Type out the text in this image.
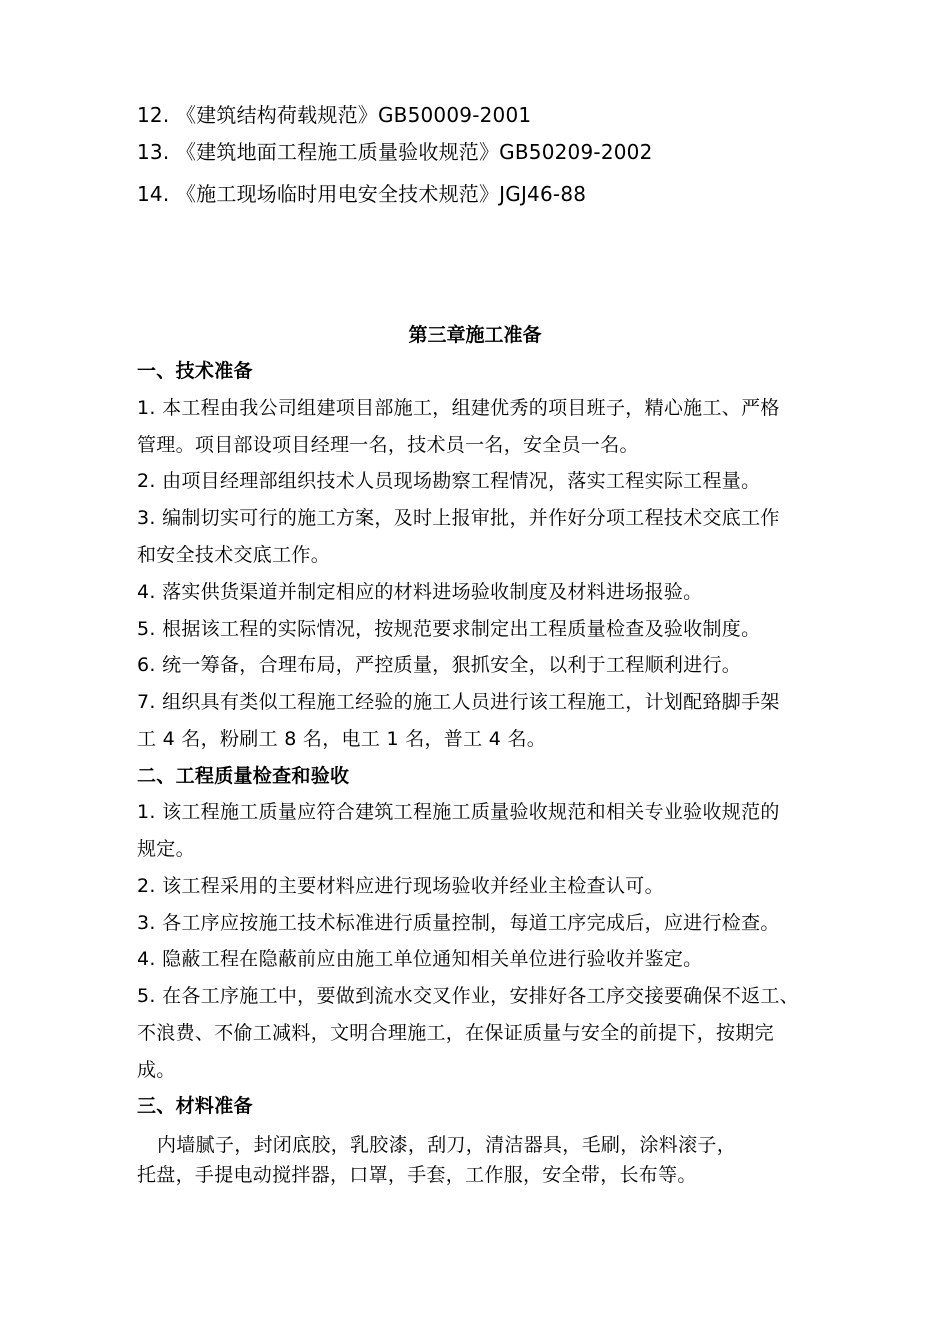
12. 《建筑结构荷载规范》GB50009-2001
13. 《建筑地面工程施工质量验收规范》GB50209-2002
14. 《施工现场临时用电安全技术规范》JGJ46-88
第三章施工准备
一、技术准备
1. 本工程由我公司组建项目部施工，组建优秀的项目班子，精心施工、严格
管理。项目部设项目经理一名，技术员一名，安全员一名。
2. 由项目经理部组织技术人员现场勘察工程情况，落实工程实际工程量。
3. 编制切实可行的施工方案，及时上报审批，并作好分项工程技术交底工作
和安全技术交底工作。
4. 落实供货渠道并制定相应的材料进场验收制度及材料进场报验。
5. 根据该工程的实际情况，按规范要求制定出工程质量检查及验收制度。
6. 统一筹备，合理布局，严控质量，狠抓安全，以利于工程顺利进行。
7. 组织具有类似工程施工经验的施工人员进行该工程施工，计划配臵脚手架
工 4 名，粉刷工 8 名，电工 1 名，普工 4 名。
二、工程质量检查和验收
1. 该工程施工质量应符合建筑工程施工质量验收规范和相关专业验收规范的
规定。
2. 该工程采用的主要材料应进行现场验收并经业主检查认可。
3. 各工序应按施工技术标准进行质量控制，每道工序完成后，应进行检查。
4. 隐蔽工程在隐蔽前应由施工单位通知相关单位进行验收并鉴定。
5. 在各工序施工中，要做到流水交叉作业，安排好各工序交接要确保不返工、
不浪费、不偷工减料，文明合理施工，在保证质量与安全的前提下，按期完
成。
三、材料准备
内墙腻子，封闭底胶，乳胶漆，刮刀，清洁器具，毛刷，涂料滚子，
托盘，手提电动搅拌器，口罩，手套，工作服，安全带，长布等。
